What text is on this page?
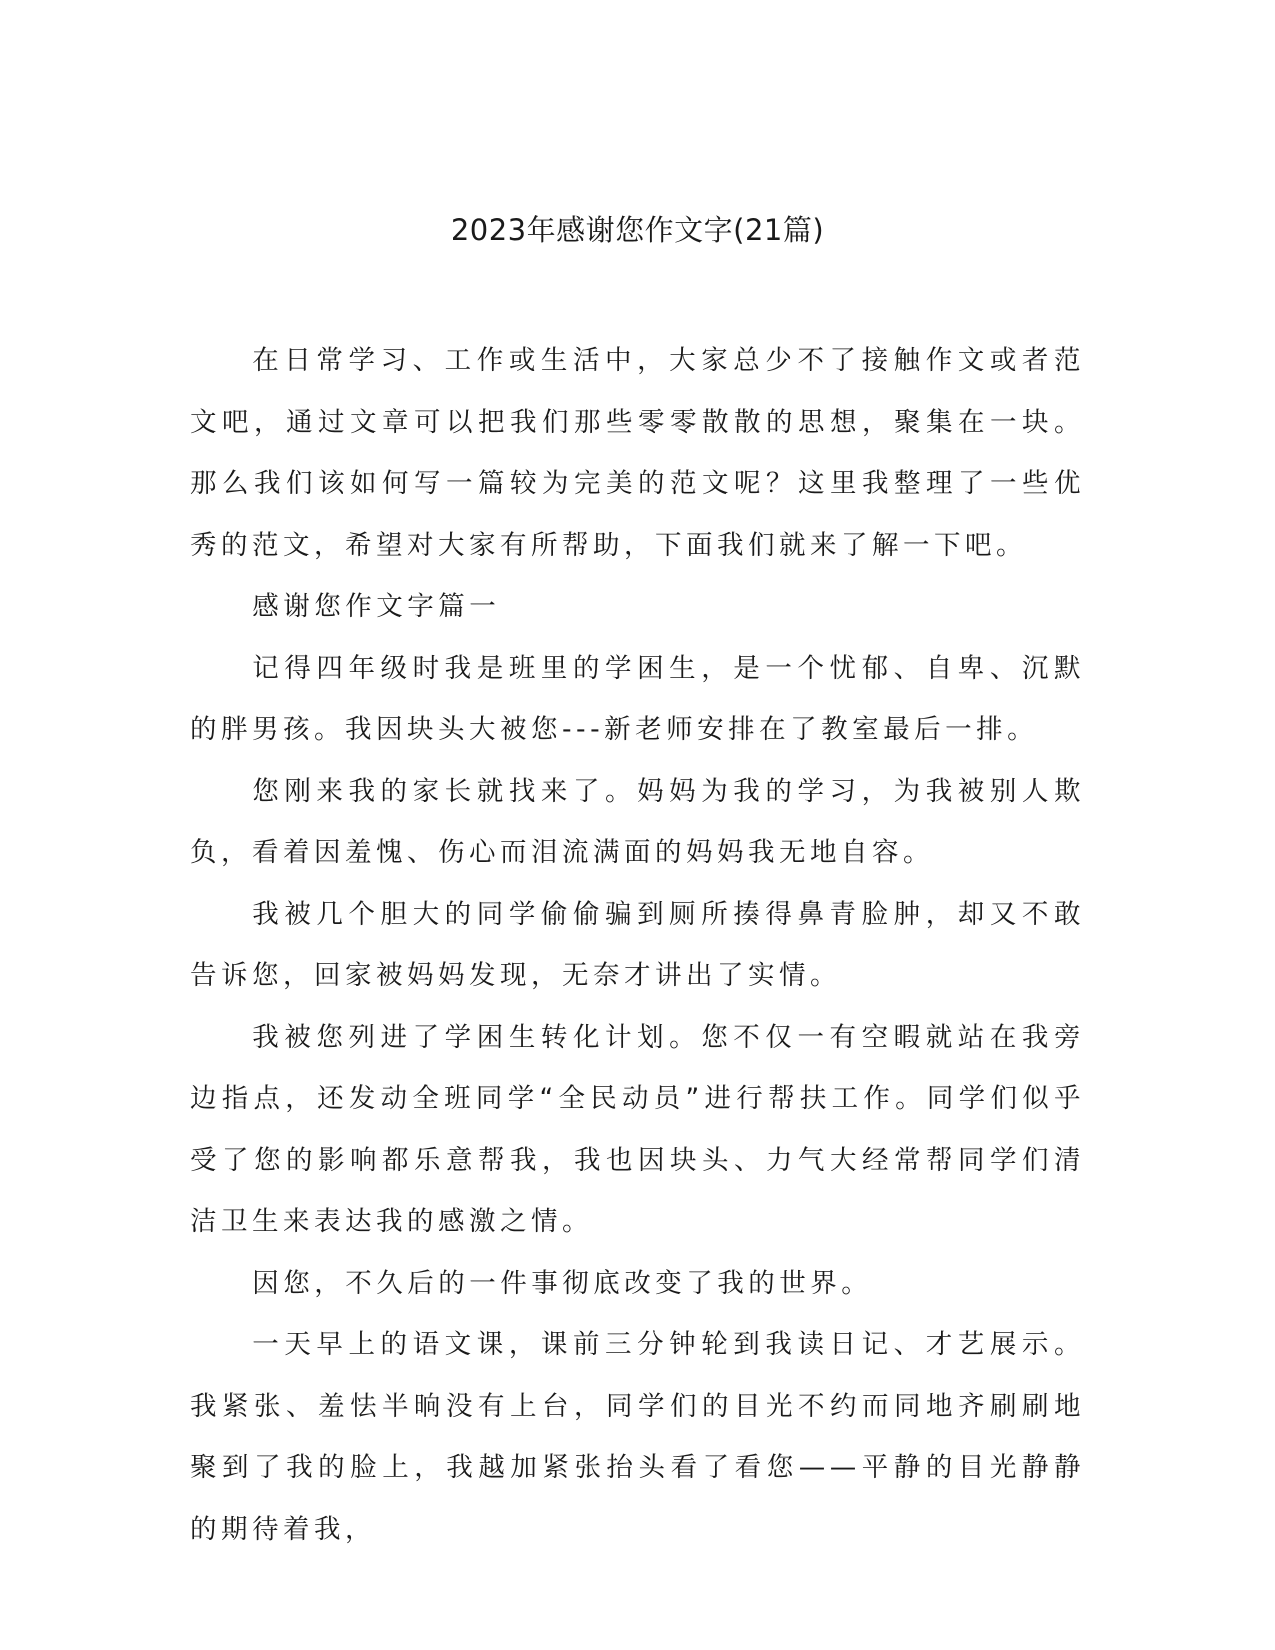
2023年感谢您作文字(21篇)

在日常学习、工作或生活中，大家总少不了接触作文或者范文吧，通过文章可以把我们那些零零散散的思想，聚集在一块。那么我们该如何写一篇较为完美的范文呢？这里我整理了一些优秀的范文，希望对大家有所帮助，下面我们就来了解一下吧。

感谢您作文字篇一

记得四年级时我是班里的学困生，是一个忧郁、自卑、沉默的胖男孩。我因块头大被您---新老师安排在了教室最后一排。

您刚来我的家长就找来了。妈妈为我的学习，为我被别人欺负，看着因羞愧、伤心而泪流满面的妈妈我无地自容。

我被几个胆大的同学偷偷骗到厕所揍得鼻青脸肿，却又不敢告诉您，回家被妈妈发现，无奈才讲出了实情。

我被您列进了学困生转化计划。您不仅一有空暇就站在我旁边指点，还发动全班同学“全民动员”进行帮扶工作。同学们似乎受了您的影响都乐意帮我，我也因块头、力气大经常帮同学们清洁卫生来表达我的感激之情。

因您，不久后的一件事彻底改变了我的世界。

一天早上的语文课，课前三分钟轮到我读日记、才艺展示。我紧张、羞怯半晌没有上台，同学们的目光不约而同地齐刷刷地聚到了我的脸上，我越加紧张抬头看了看您——平静的目光静静的期待着我，
